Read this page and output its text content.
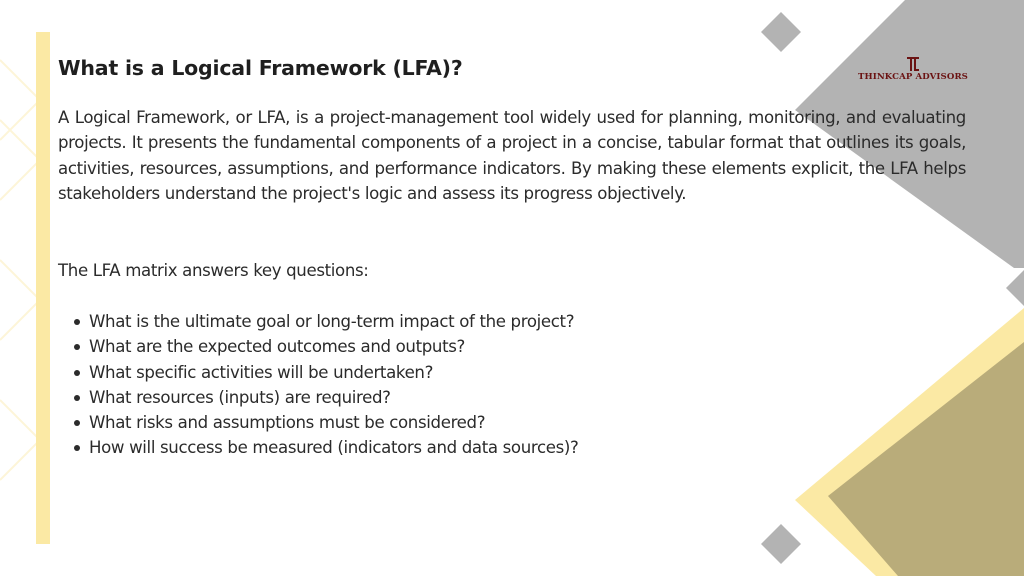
What is a Logical Framework (LFA)?	THINKCAP ADVISORS

A Logical Framework, or LFA, is a project-management tool widely used for planning, monitoring, and evaluating projects. It presents the fundamental components of a project in a concise, tabular format that outlines its goals, activities, resources, assumptions, and performance indicators. By making these elements explicit, the LFA helps stakeholders understand the project's logic and assess its progress objectively.

The LFA matrix answers key questions:

What is the ultimate goal or long-term impact of the project?
What are the expected outcomes and outputs?
What specific activities will be undertaken?
What resources (inputs) are required?
What risks and assumptions must be considered?
How will success be measured (indicators and data sources)?
